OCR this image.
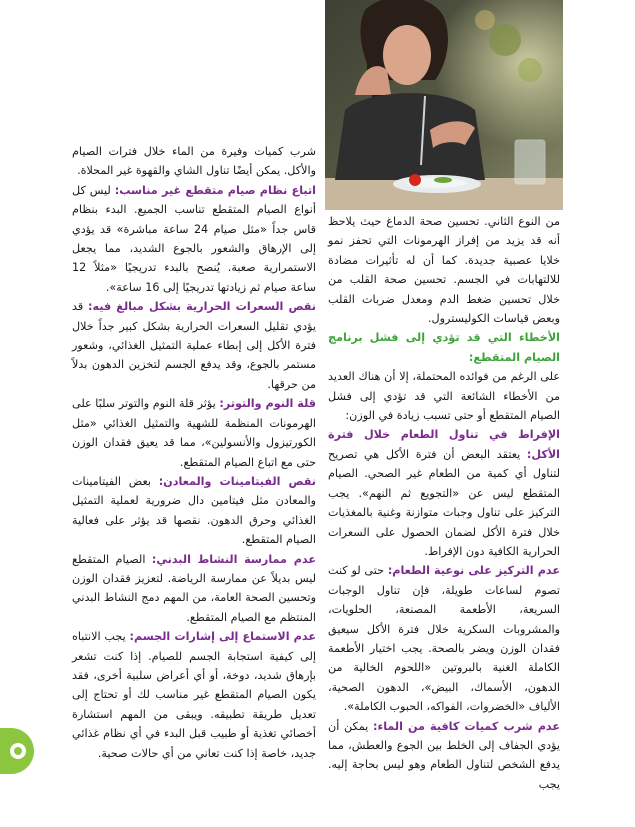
من النوع الثاني. تحسين صحة الدماغ حيث يلاحظ أنه قد يزيد من إفراز الهرمونات التي تحفز نمو خلايا عصبية جديدة. كما أن له تأثيرات مضادة للالتهابات في الجسم. تحسين صحة القلب من خلال تحسين ضغط الدم ومعدل ضربات القلب وبعض قياسات الكوليسترول.

الأخطاء التي قد تؤدي إلى فشل برنامج الصيام المتقطع:

على الرغم من فوائده المحتملة، إلا أن هناك العديد من الأخطاء الشائعة التي قد تؤدي إلى فشل الصيام المتقطع أو حتى تسبب زيادة في الوزن:

الإفراط في تناول الطعام خلال فترة الأكل: يعتقد البعض أن فترة الأكل هي تصريح لتناول أي كمية من الطعام غير الصحي. الصيام المتقطع ليس عن «التجويع ثم النهم». يجب التركيز على تناول وجبات متوازنة وغنية بالمغذيات خلال فترة الأكل لضمان الحصول على السعرات الحرارية الكافية دون الإفراط.

عدم التركيز على نوعية الطعام: حتى لو كنت تصوم لساعات طويلة، فإن تناول الوجبات السريعة، الأطعمة المصنعة، الحلويات، والمشروبات السكرية خلال فترة الأكل سيعيق فقدان الوزن ويضر بالصحة. يجب اختيار الأطعمة الكاملة الغنية بالبروتين «اللحوم الخالية من الدهون، الأسماك، البيض»، الدهون الصحية، الألياف «الخضروات، الفواكه، الحبوب الكاملة».

عدم شرب كميات كافية من الماء: يمكن أن يؤدي الجفاف إلى الخلط بين الجوع والعطش، مما يدفع الشخص لتناول الطعام وهو ليس بحاجة إليه. يجب

شرب كميات وفيرة من الماء خلال فترات الصيام والأكل. يمكن أيضًا تناول الشاي والقهوة غير المحلاة.

اتباع نظام صيام متقطع غير مناسب: ليس كل أنواع الصيام المتقطع تناسب الجميع. البدء بنظام قاس جداً «مثل صيام 24 ساعة مباشرة» قد يؤدي إلى الإرهاق والشعور بالجوع الشديد، مما يجعل الاستمرارية صعبة. يُنصح بالبدء تدريجيًا «مثلاً 12 ساعة صيام ثم زيادتها تدريجيًا إلى 16 ساعة».

نقص السعرات الحرارية بشكل مبالغ فيه: قد يؤدي تقليل السعرات الحرارية بشكل كبير جداً خلال فترة الأكل إلى إبطاء عملية التمثيل الغذائي، وشعور مستمر بالجوع، وقد يدفع الجسم لتخزين الدهون بدلاً من حرقها.

قلة النوم والتوتر: يؤثر قلة النوم والتوتر سلبًا على الهرمونات المنظمة للشهية والتمثيل الغذائي «مثل الكورتيزول والأنسولين»، مما قد يعيق فقدان الوزن حتى مع اتباع الصيام المتقطع.

نقص الفيتامينات والمعادن: بعض الفيتامينات والمعادن مثل فيتامين دال ضرورية لعملية التمثيل الغذائي وحرق الدهون. نقصها قد يؤثر على فعالية الصيام المتقطع.

عدم ممارسة النشاط البدني: الصيام المتقطع ليس بديلاً عن ممارسة الرياضة. لتعزيز فقدان الوزن وتحسين الصحة العامة، من المهم دمج النشاط البدني المنتظم مع الصيام المتقطع.

عدم الاستماع إلى إشارات الجسم: يجب الانتباه إلى كيفية استجابة الجسم للصيام. إذا كنت تشعر بإرهاق شديد، دوخة، أو أي أعراض سلبية أخرى، فقد يكون الصيام المتقطع غير مناسب لك أو تحتاج إلى تعديل طريقة تطبيقه. ويبقى من المهم استشارة أخصائي تغذية أو طبيب قبل البدء في أي نظام غذائي جديد، خاصة إذا كنت تعاني من أي حالات صحية.
